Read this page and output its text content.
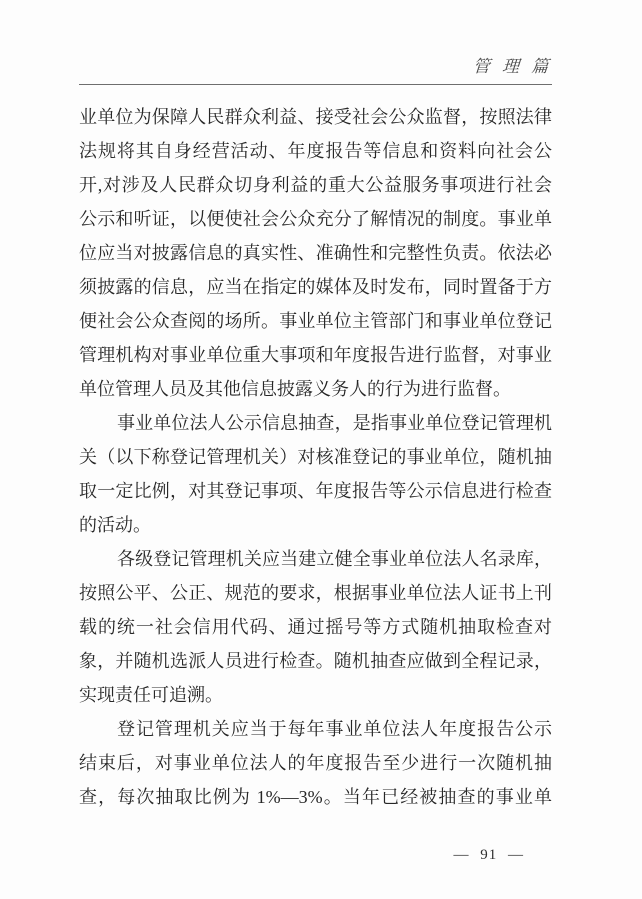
管 理 篇
业单位为保障人民群众利益、接受社会公众监督，按照法律
法规将其自身经营活动、年度报告等信息和资料向社会公
开,对涉及人民群众切身利益的重大公益服务事项进行社会
公示和听证，以便使社会公众充分了解情况的制度。事业单
位应当对披露信息的真实性、准确性和完整性负责。依法必
须披露的信息，应当在指定的媒体及时发布，同时置备于方
便社会公众查阅的场所。事业单位主管部门和事业单位登记
管理机构对事业单位重大事项和年度报告进行监督，对事业
单位管理人员及其他信息披露义务人的行为进行监督。
事业单位法人公示信息抽查，是指事业单位登记管理机
关（以下称登记管理机关）对核准登记的事业单位，随机抽
取一定比例，对其登记事项、年度报告等公示信息进行检查
的活动。
各级登记管理机关应当建立健全事业单位法人名录库，
按照公平、公正、规范的要求，根据事业单位法人证书上刊
载的统一社会信用代码、通过摇号等方式随机抽取检查对
象，并随机选派人员进行检查。随机抽查应做到全程记录，
实现责任可追溯。
登记管理机关应当于每年事业单位法人年度报告公示
结束后，对事业单位法人的年度报告至少进行一次随机抽
查，每次抽取比例为 1%—3%。当年已经被抽查的事业单
— 91 —
